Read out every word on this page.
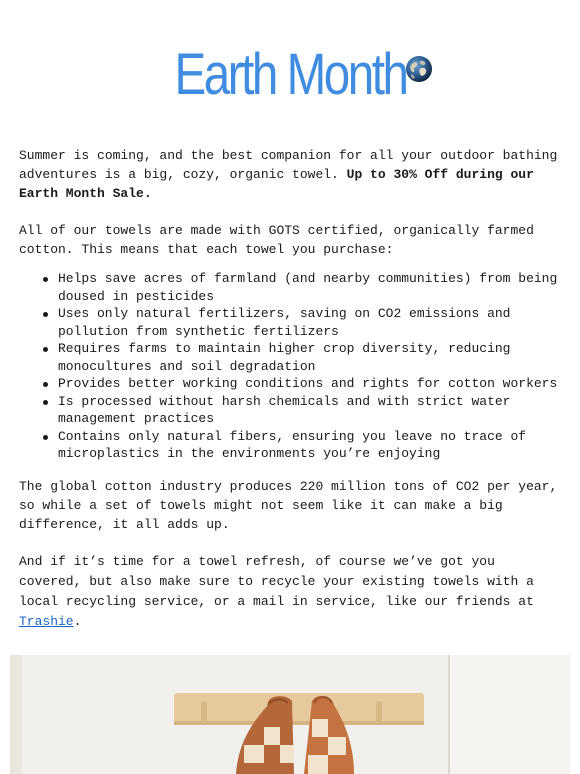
Earth Month

Summer is coming, and the best companion for all your outdoor bathing adventures is a big, cozy, organic towel. Up to 30% Off during our Earth Month Sale.

All of our towels are made with GOTS certified, organically farmed cotton. This means that each towel you purchase:

Helps save acres of farmland (and nearby communities) from being doused in pesticides
Uses only natural fertilizers, saving on CO2 emissions and pollution from synthetic fertilizers
Requires farms to maintain higher crop diversity, reducing monocultures and soil degradation
Provides better working conditions and rights for cotton workers
Is processed without harsh chemicals and with strict water management practices
Contains only natural fibers, ensuring you leave no trace of microplastics in the environments you’re enjoying

The global cotton industry produces 220 million tons of CO2 per year, so while a set of towels might not seem like it can make a big difference, it all adds up.

And if it’s time for a towel refresh, of course we’ve got you covered, but also make sure to recycle your existing towels with a local recycling service, or a mail in service, like our friends at Trashie.
